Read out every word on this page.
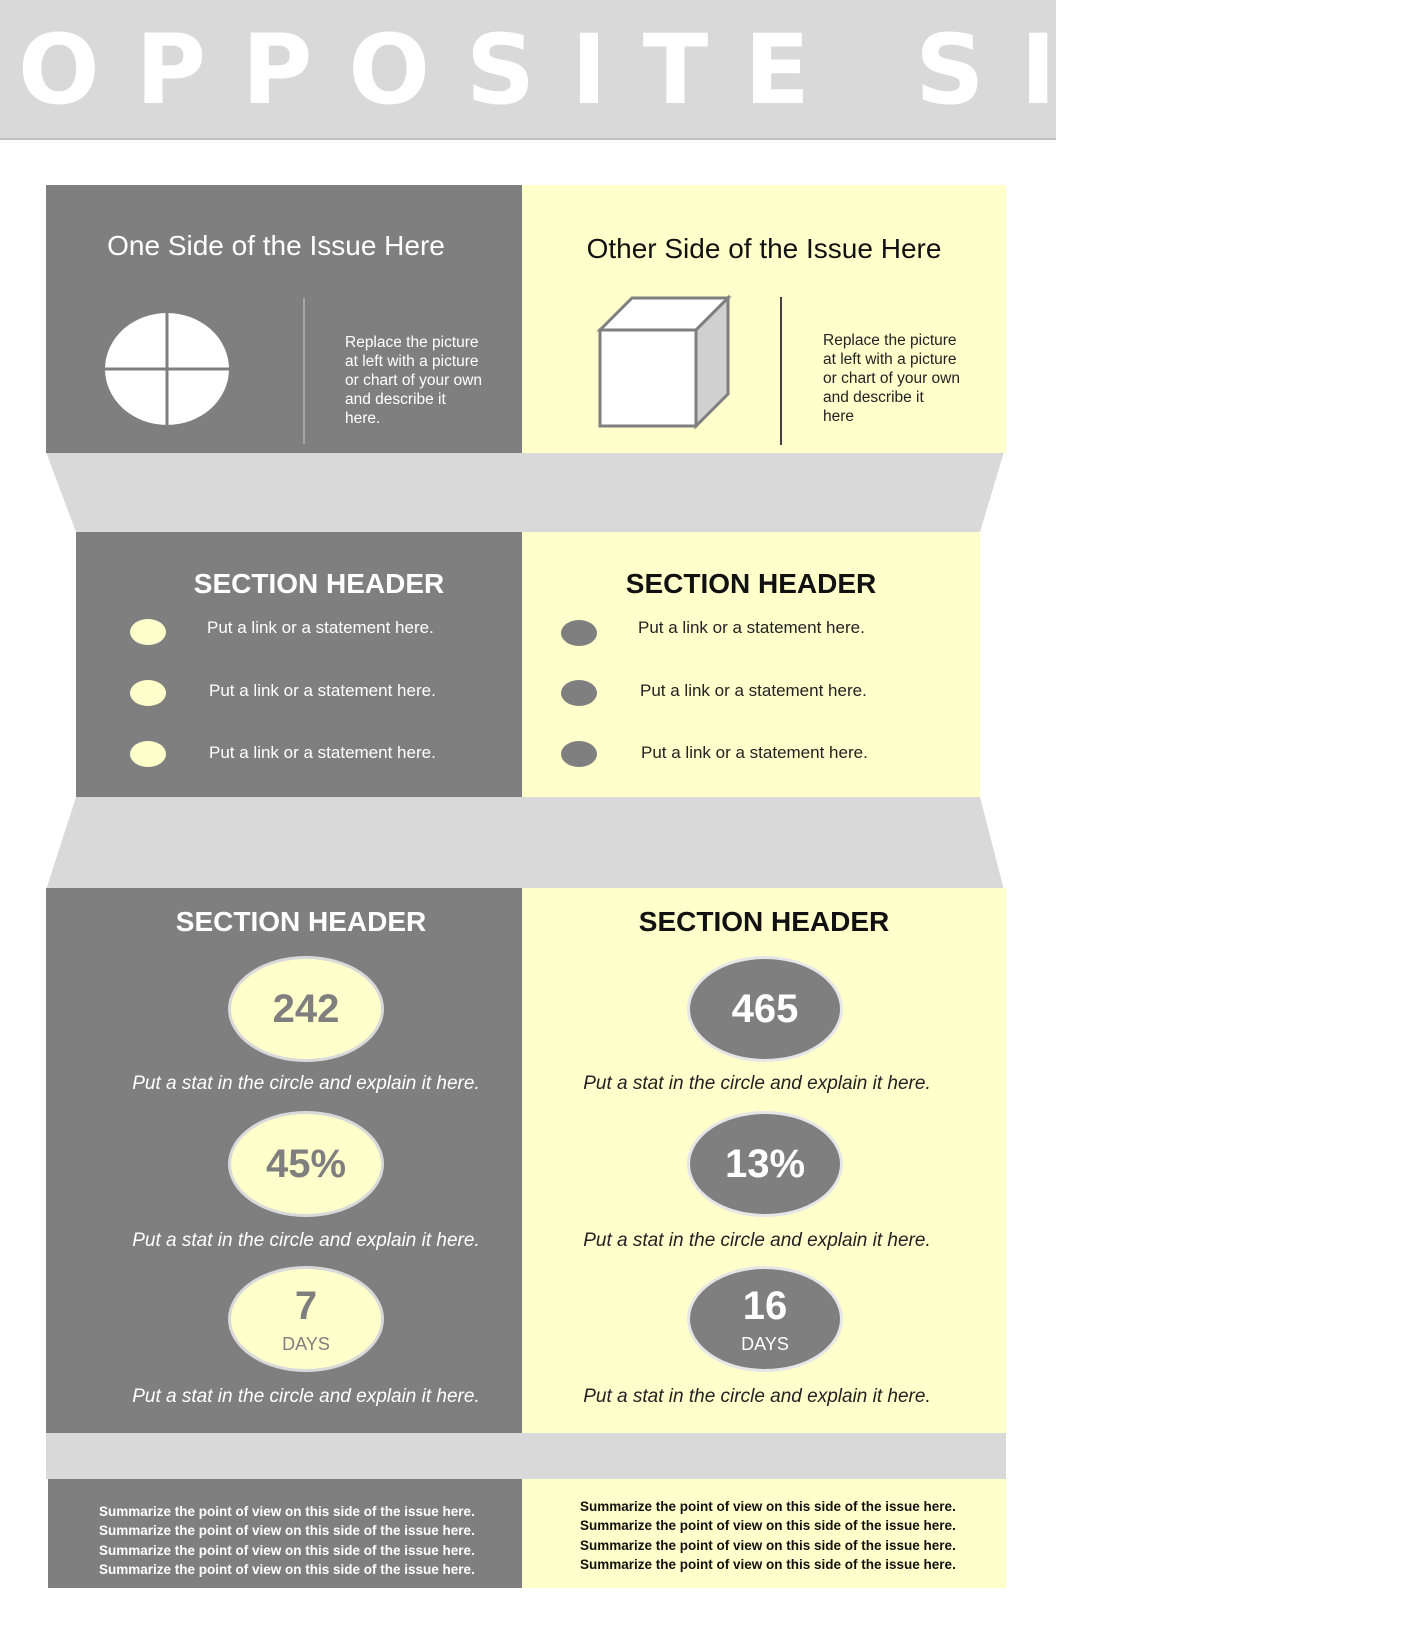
OPPOSITE SIDES
One Side of the Issue Here	Other Side of the Issue Here
Replace the picture
at left with a picture
or chart of your own
and describe it
here.
Replace the picture
at left with a picture
or chart of your own
and describe it
here
SECTION HEADER	SECTION HEADER
Put a link or a statement here.
Put a link or a statement here.
Put a link or a statement here.
Put a link or a statement here.
Put a link or a statement here.
Put a link or a statement here.
SECTION HEADER	SECTION HEADER
242
Put a stat in the circle and explain it here.
45%
Put a stat in the circle and explain it here.
7
DAYS
Put a stat in the circle and explain it here.
465
Put a stat in the circle and explain it here.
13%
Put a stat in the circle and explain it here.
16
DAYS
Put a stat in the circle and explain it here.
Summarize the point of view on this side of the issue here.
Summarize the point of view on this side of the issue here.
Summarize the point of view on this side of the issue here.
Summarize the point of view on this side of the issue here.
Summarize the point of view on this side of the issue here.
Summarize the point of view on this side of the issue here.
Summarize the point of view on this side of the issue here.
Summarize the point of view on this side of the issue here.
